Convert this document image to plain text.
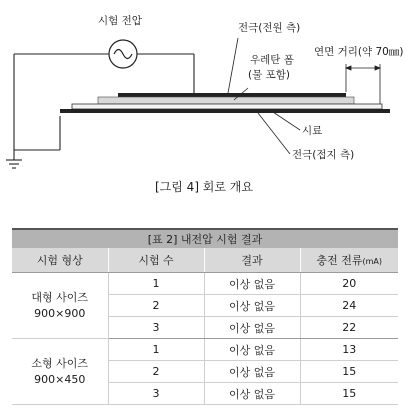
시험 전압
전극(전원 측)
우레탄 폼
(물 포함)
연면 거리(약 70㎜)
시료
전극(접지 측)
[그림 4] 회로 개요
[표 2] 내전압 시험 결과
시험 형상	시험 수	결과	충전 전류(mA)

대형 사이즈
900×900	1	이상 없음	20
	2	이상 없음	24
	3	이상 없음	22

소형 사이즈
900×450	1	이상 없음	13
	2	이상 없음	15
	3	이상 없음	15
